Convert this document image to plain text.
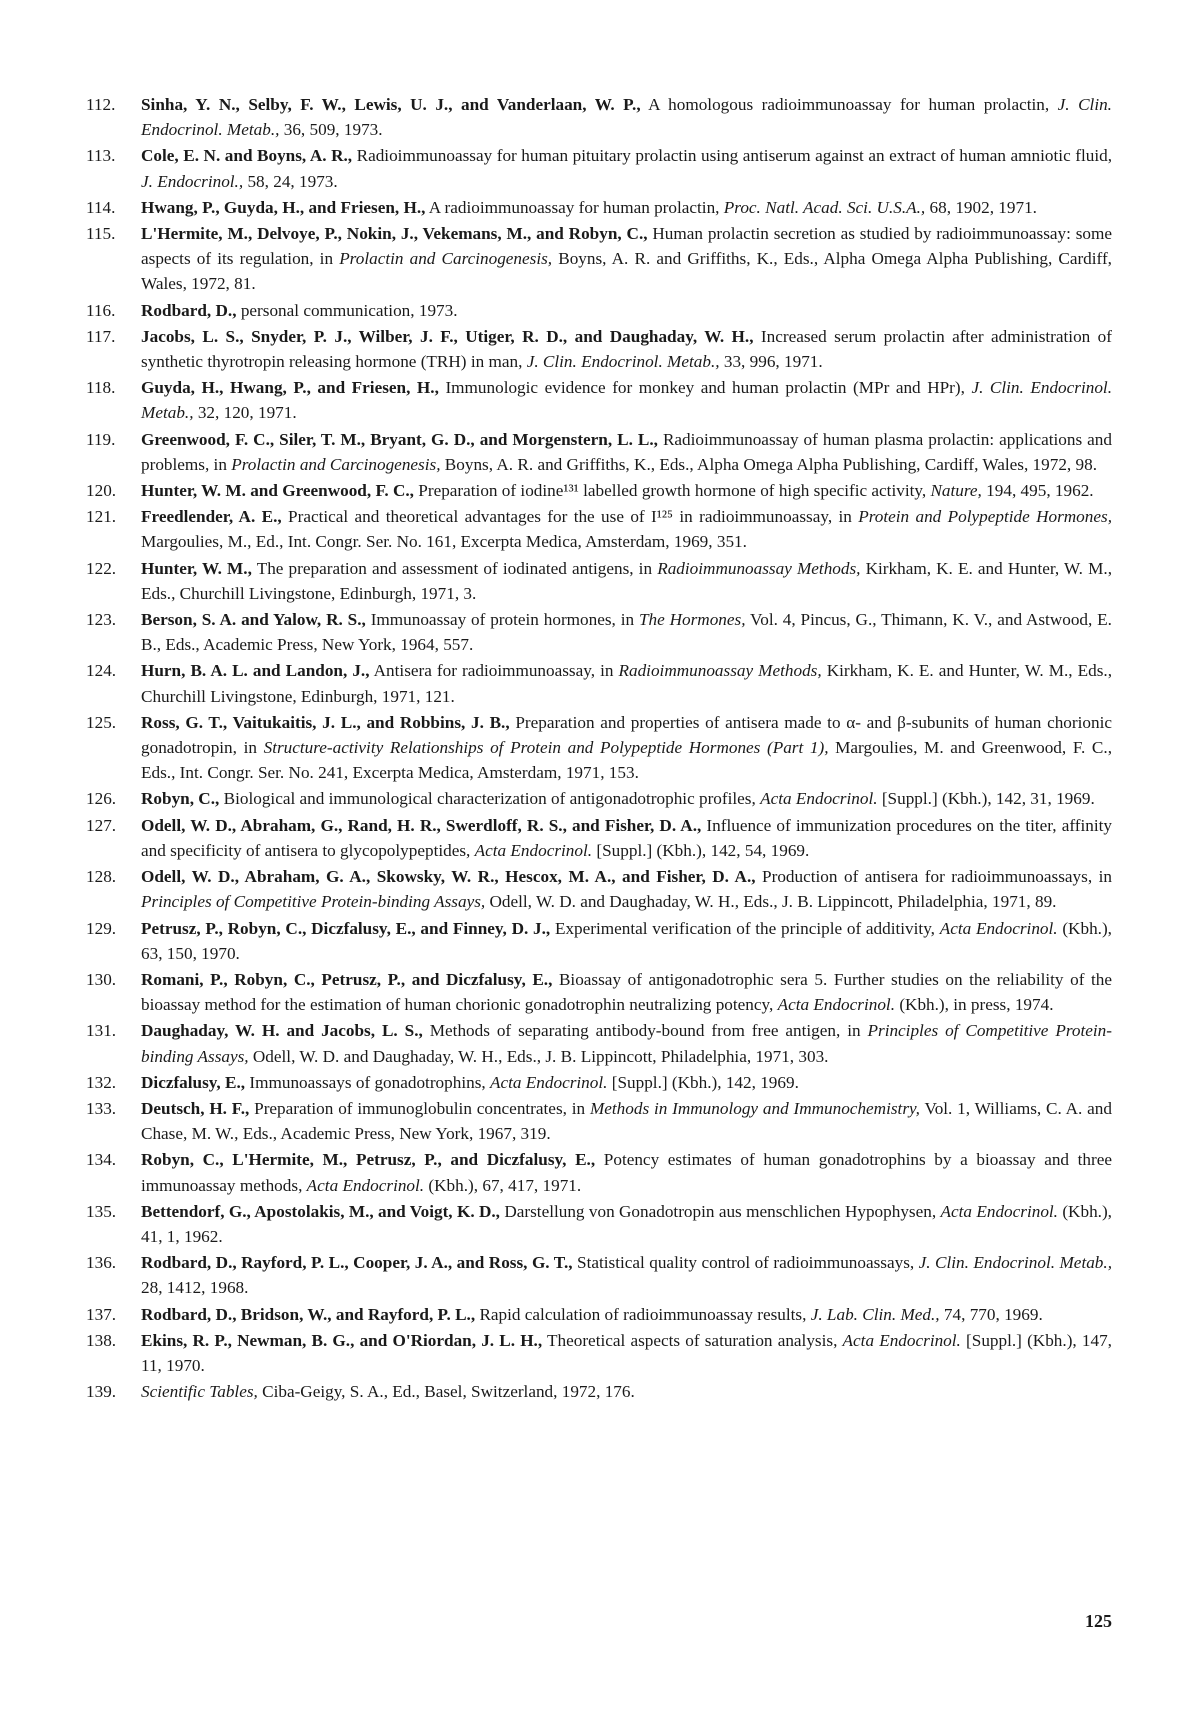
112.	Sinha, Y. N., Selby, F. W., Lewis, U. J., and Vanderlaan, W. P., A homologous radioimmunoassay for human prolactin, J. Clin. Endocrinol. Metab., 36, 509, 1973.
113.	Cole, E. N. and Boyns, A. R., Radioimmunoassay for human pituitary prolactin using antiserum against an extract of human amniotic fluid, J. Endocrinol., 58, 24, 1973.
114.	Hwang, P., Guyda, H., and Friesen, H., A radioimmunoassay for human prolactin, Proc. Natl. Acad. Sci. U.S.A., 68, 1902, 1971.
115.	L'Hermite, M., Delvoye, P., Nokin, J., Vekemans, M., and Robyn, C., Human prolactin secretion as studied by radioimmunoassay: some aspects of its regulation, in Prolactin and Carcinogenesis, Boyns, A. R. and Griffiths, K., Eds., Alpha Omega Alpha Publishing, Cardiff, Wales, 1972, 81.
116.	Rodbard, D., personal communication, 1973.
117.	Jacobs, L. S., Snyder, P. J., Wilber, J. F., Utiger, R. D., and Daughaday, W. H., Increased serum prolactin after administration of synthetic thyrotropin releasing hormone (TRH) in man, J. Clin. Endocrinol. Metab., 33, 996, 1971.
118.	Guyda, H., Hwang, P., and Friesen, H., Immunologic evidence for monkey and human prolactin (MPr and HPr), J. Clin. Endocrinol. Metab., 32, 120, 1971.
119.	Greenwood, F. C., Siler, T. M., Bryant, G. D., and Morgenstern, L. L., Radioimmunoassay of human plasma prolactin: applications and problems, in Prolactin and Carcinogenesis, Boyns, A. R. and Griffiths, K., Eds., Alpha Omega Alpha Publishing, Cardiff, Wales, 1972, 98.
120.	Hunter, W. M. and Greenwood, F. C., Preparation of iodine¹³¹ labelled growth hormone of high specific activity, Nature, 194, 495, 1962.
121.	Freedlender, A. E., Practical and theoretical advantages for the use of I¹²⁵ in radioimmunoassay, in Protein and Polypeptide Hormones, Margoulies, M., Ed., Int. Congr. Ser. No. 161, Excerpta Medica, Amsterdam, 1969, 351.
122.	Hunter, W. M., The preparation and assessment of iodinated antigens, in Radioimmunoassay Methods, Kirkham, K. E. and Hunter, W. M., Eds., Churchill Livingstone, Edinburgh, 1971, 3.
123.	Berson, S. A. and Yalow, R. S., Immunoassay of protein hormones, in The Hormones, Vol. 4, Pincus, G., Thimann, K. V., and Astwood, E. B., Eds., Academic Press, New York, 1964, 557.
124.	Hurn, B. A. L. and Landon, J., Antisera for radioimmunoassay, in Radioimmunoassay Methods, Kirkham, K. E. and Hunter, W. M., Eds., Churchill Livingstone, Edinburgh, 1971, 121.
125.	Ross, G. T., Vaitukaitis, J. L., and Robbins, J. B., Preparation and properties of antisera made to α- and β-subunits of human chorionic gonadotropin, in Structure-activity Relationships of Protein and Polypeptide Hormones (Part 1), Margoulies, M. and Greenwood, F. C., Eds., Int. Congr. Ser. No. 241, Excerpta Medica, Amsterdam, 1971, 153.
126.	Robyn, C., Biological and immunological characterization of antigonadotrophic profiles, Acta Endocrinol. [Suppl.] (Kbh.), 142, 31, 1969.
127.	Odell, W. D., Abraham, G., Rand, H. R., Swerdloff, R. S., and Fisher, D. A., Influence of immunization procedures on the titer, affinity and specificity of antisera to glycopolypeptides, Acta Endocrinol. [Suppl.] (Kbh.), 142, 54, 1969.
128.	Odell, W. D., Abraham, G. A., Skowsky, W. R., Hescox, M. A., and Fisher, D. A., Production of antisera for radioimmunoassays, in Principles of Competitive Protein-binding Assays, Odell, W. D. and Daughaday, W. H., Eds., J. B. Lippincott, Philadelphia, 1971, 89.
129.	Petrusz, P., Robyn, C., Diczfalusy, E., and Finney, D. J., Experimental verification of the principle of additivity, Acta Endocrinol. (Kbh.), 63, 150, 1970.
130.	Romani, P., Robyn, C., Petrusz, P., and Diczfalusy, E., Bioassay of antigonadotrophic sera 5. Further studies on the reliability of the bioassay method for the estimation of human chorionic gonadotrophin neutralizing potency, Acta Endocrinol. (Kbh.), in press, 1974.
131.	Daughaday, W. H. and Jacobs, L. S., Methods of separating antibody-bound from free antigen, in Principles of Competitive Protein-binding Assays, Odell, W. D. and Daughaday, W. H., Eds., J. B. Lippincott, Philadelphia, 1971, 303.
132.	Diczfalusy, E., Immunoassays of gonadotrophins, Acta Endocrinol. [Suppl.] (Kbh.), 142, 1969.
133.	Deutsch, H. F., Preparation of immunoglobulin concentrates, in Methods in Immunology and Immunochemistry, Vol. 1, Williams, C. A. and Chase, M. W., Eds., Academic Press, New York, 1967, 319.
134.	Robyn, C., L'Hermite, M., Petrusz, P., and Diczfalusy, E., Potency estimates of human gonadotrophins by a bioassay and three immunoassay methods, Acta Endocrinol. (Kbh.), 67, 417, 1971.
135.	Bettendorf, G., Apostolakis, M., and Voigt, K. D., Darstellung von Gonadotropin aus menschlichen Hypophysen, Acta Endocrinol. (Kbh.), 41, 1, 1962.
136.	Rodbard, D., Rayford, P. L., Cooper, J. A., and Ross, G. T., Statistical quality control of radioimmunoassays, J. Clin. Endocrinol. Metab., 28, 1412, 1968.
137.	Rodbard, D., Bridson, W., and Rayford, P. L., Rapid calculation of radioimmunoassay results, J. Lab. Clin. Med., 74, 770, 1969.
138.	Ekins, R. P., Newman, B. G., and O'Riordan, J. L. H., Theoretical aspects of saturation analysis, Acta Endocrinol. [Suppl.] (Kbh.), 147, 11, 1970.
139.	Scientific Tables, Ciba-Geigy, S. A., Ed., Basel, Switzerland, 1972, 176.
125
